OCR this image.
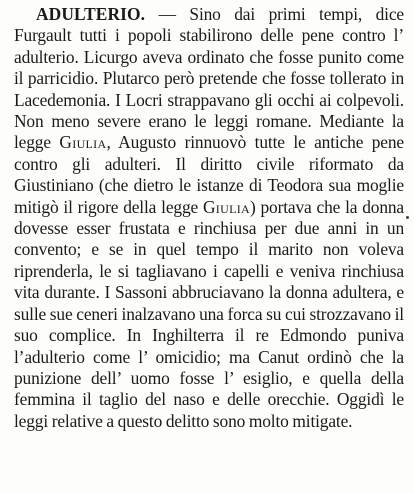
ADULTERIO. — Sino dai primi tempi, dice Furgault tutti i popoli stabilirono delle pene contro l’ adulterio. Licurgo aveva ordinato che fosse punito come il parricidio. Plutarco però pretende che fosse tollerato in Lacedemonia. I Locri strappavano gli occhi ai colpevoli. Non meno severe erano le leggi romane. Mediante la legge Giulia, Augusto rinnuovò tutte le antiche pene contro gli adulteri. Il diritto civile riformato da Giustiniano (che dietro le istanze di Teodora sua moglie mitigò il rigore della legge Giulia) portava che la donna dovesse esser frustata e rinchiusa per due anni in un convento; e se in quel tempo il marito non voleva riprenderla, le si tagliavano i capelli e veniva rinchiusa vita durante. I Sassoni abbruciavano la donna adultera, e sulle sue ceneri inalzavano una forca su cui strozzavano il suo complice. In Inghilterra il re Edmondo puniva l’adulterio come l’ omicidio; ma Canut ordinò che la punizione dell’ uomo fosse l’ esiglio, e quella della femmina il taglio del naso e delle orecchie. Oggidì le leggi relative a questo delitto sono molto mitigate.
